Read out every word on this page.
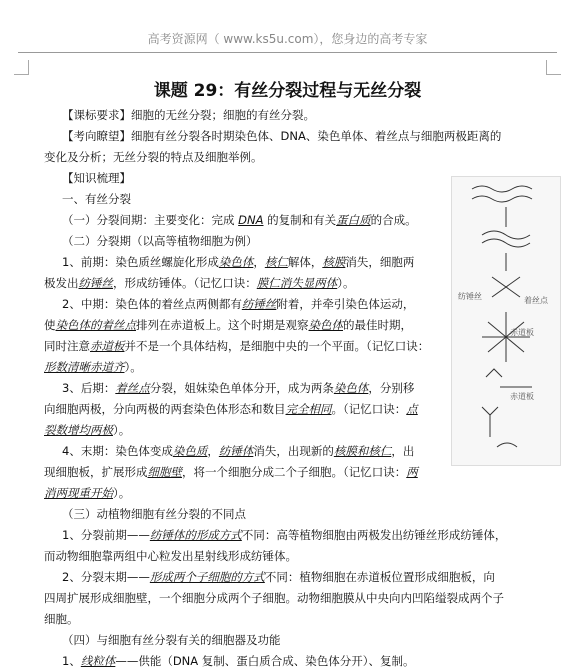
高考资源网（ www.ks5u.com），您身边的高考专家
课题 29：有丝分裂过程与无丝分裂
【课标要求】细胞的无丝分裂；细胞的有丝分裂。
【考向瞭望】细胞有丝分裂各时期染色体、DNA、染色单体、着丝点与细胞两极距离的
变化及分析；无丝分裂的特点及细胞举例。
【知识梳理】
一、有丝分裂
（一）分裂间期：主要变化：完成 DNA 的复制和有关蛋白质的合成。
（二）分裂期（以高等植物细胞为例）
1、前期：染色质丝螺旋化形成染色体，核仁解体，核膜消失，细胞两
极发出纺锤丝，形成纺锤体。（记忆口诀：膜仁消失显两体）。
2、中期：染色体的着丝点两侧都有纺锤丝附着，并牵引染色体运动，
使染色体的着丝点排列在赤道板上。这个时期是观察染色体的最佳时期，
同时注意赤道板并不是一个具体结构，是细胞中央的一个平面。（记忆口诀：
形数清晰赤道齐）。
3、后期：着丝点分裂，姐妹染色单体分开，成为两条染色体，分别移
向细胞两极，分向两极的两套染色体形态和数目完全相同。（记忆口诀：点
裂数增均两极）。
4、末期：染色体变成染色质，纺锤体消失，出现新的核膜和核仁，出
现细胞板，扩展形成细胞壁，将一个细胞分成二个子细胞。（记忆口诀：两
消两现重开始）。
（三）动植物细胞有丝分裂的不同点
1、分裂前期——纺锤体的形成方式不同：高等植物细胞由两极发出纺锤丝形成纺锤体，
而动物细胞靠两组中心粒发出星射线形成纺锤体。
2、分裂末期——形成两个子细胞的方式不同：植物细胞在赤道板位置形成细胞板，向
四周扩展形成细胞壁，一个细胞分成两个子细胞。动物细胞膜从中央向内凹陷缢裂成两个子
细胞。
（四）与细胞有丝分裂有关的细胞器及功能
1、线粒体——供能（DNA 复制、蛋白质合成、染色体分开）、复制。
纺锤丝	着丝点
赤道板
赤道板
